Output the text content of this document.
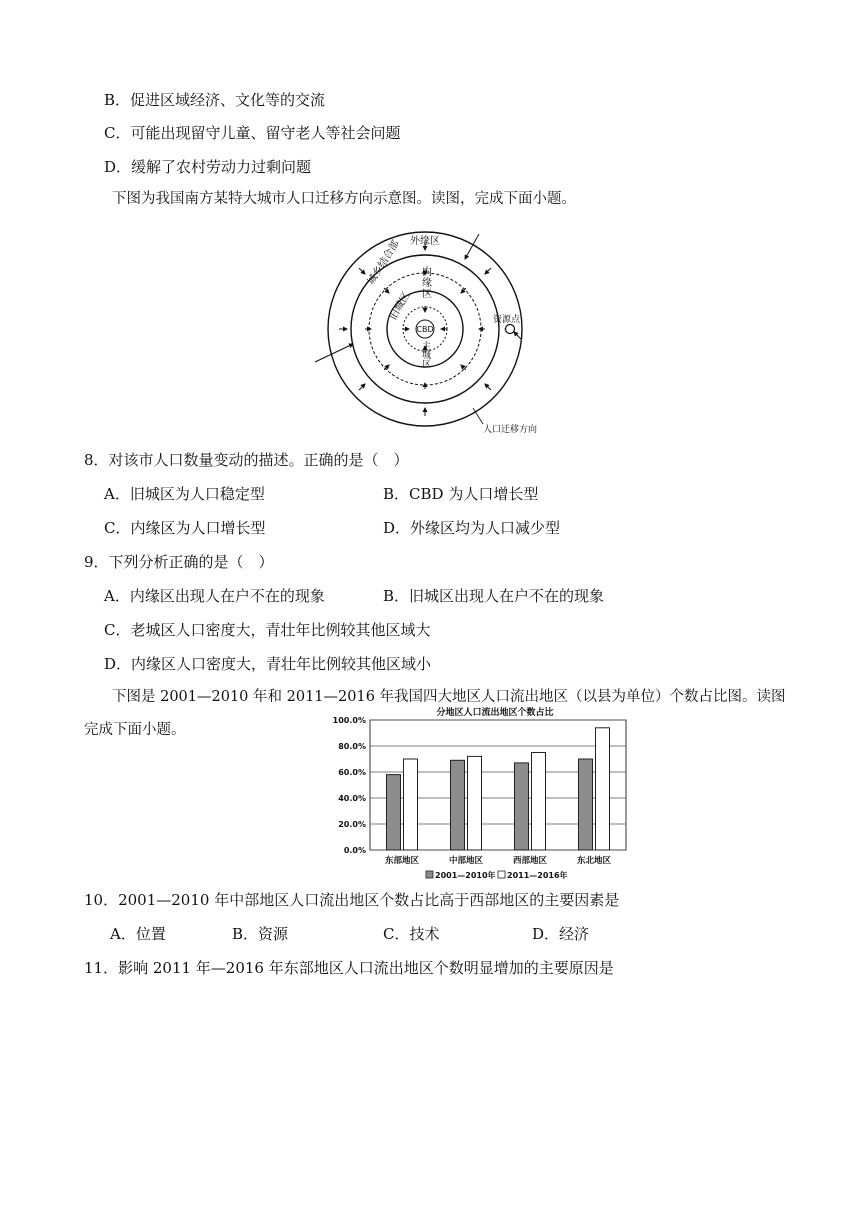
B．促进区域经济、文化等的交流
C．可能出现留守儿童、留守老人等社会问题
D．缓解了农村劳动力过剩问题
下图为我国南方某特大城市人口迁移方向示意图。读图，完成下面小题。
外缘区
内缘区
城乡结合部
旧城区
CBD
主城区
资源点
人口迁移方向
8．对该市人口数量变动的描述。正确的是（　）
A．旧城区为人口稳定型	B．CBD 为人口增长型
C．内缘区为人口增长型	D．外缘区均为人口减少型
9．下列分析正确的是（　）
A．内缘区出现人在户不在的现象	B．旧城区出现人在户不在的现象
C．老城区人口密度大，青壮年比例较其他区域大
D．内缘区人口密度大，青壮年比例较其他区域小
下图是 2001—2010 年和 2011—2016 年我国四大地区人口流出地区（以县为单位）个数占比图。读图
完成下面小题。
分地区人口流出地区个数占比
0.0%
20.0%
40.0%
60.0%
80.0%
100.0%
东部地区	中部地区	西部地区	东北地区
2001—2010年 2011—2016年
10．2001—2010 年中部地区人口流出地区个数占比高于西部地区的主要因素是
A．位置	B．资源	C．技术	D．经济
11．影响 2011 年—2016 年东部地区人口流出地区个数明显增加的主要原因是
